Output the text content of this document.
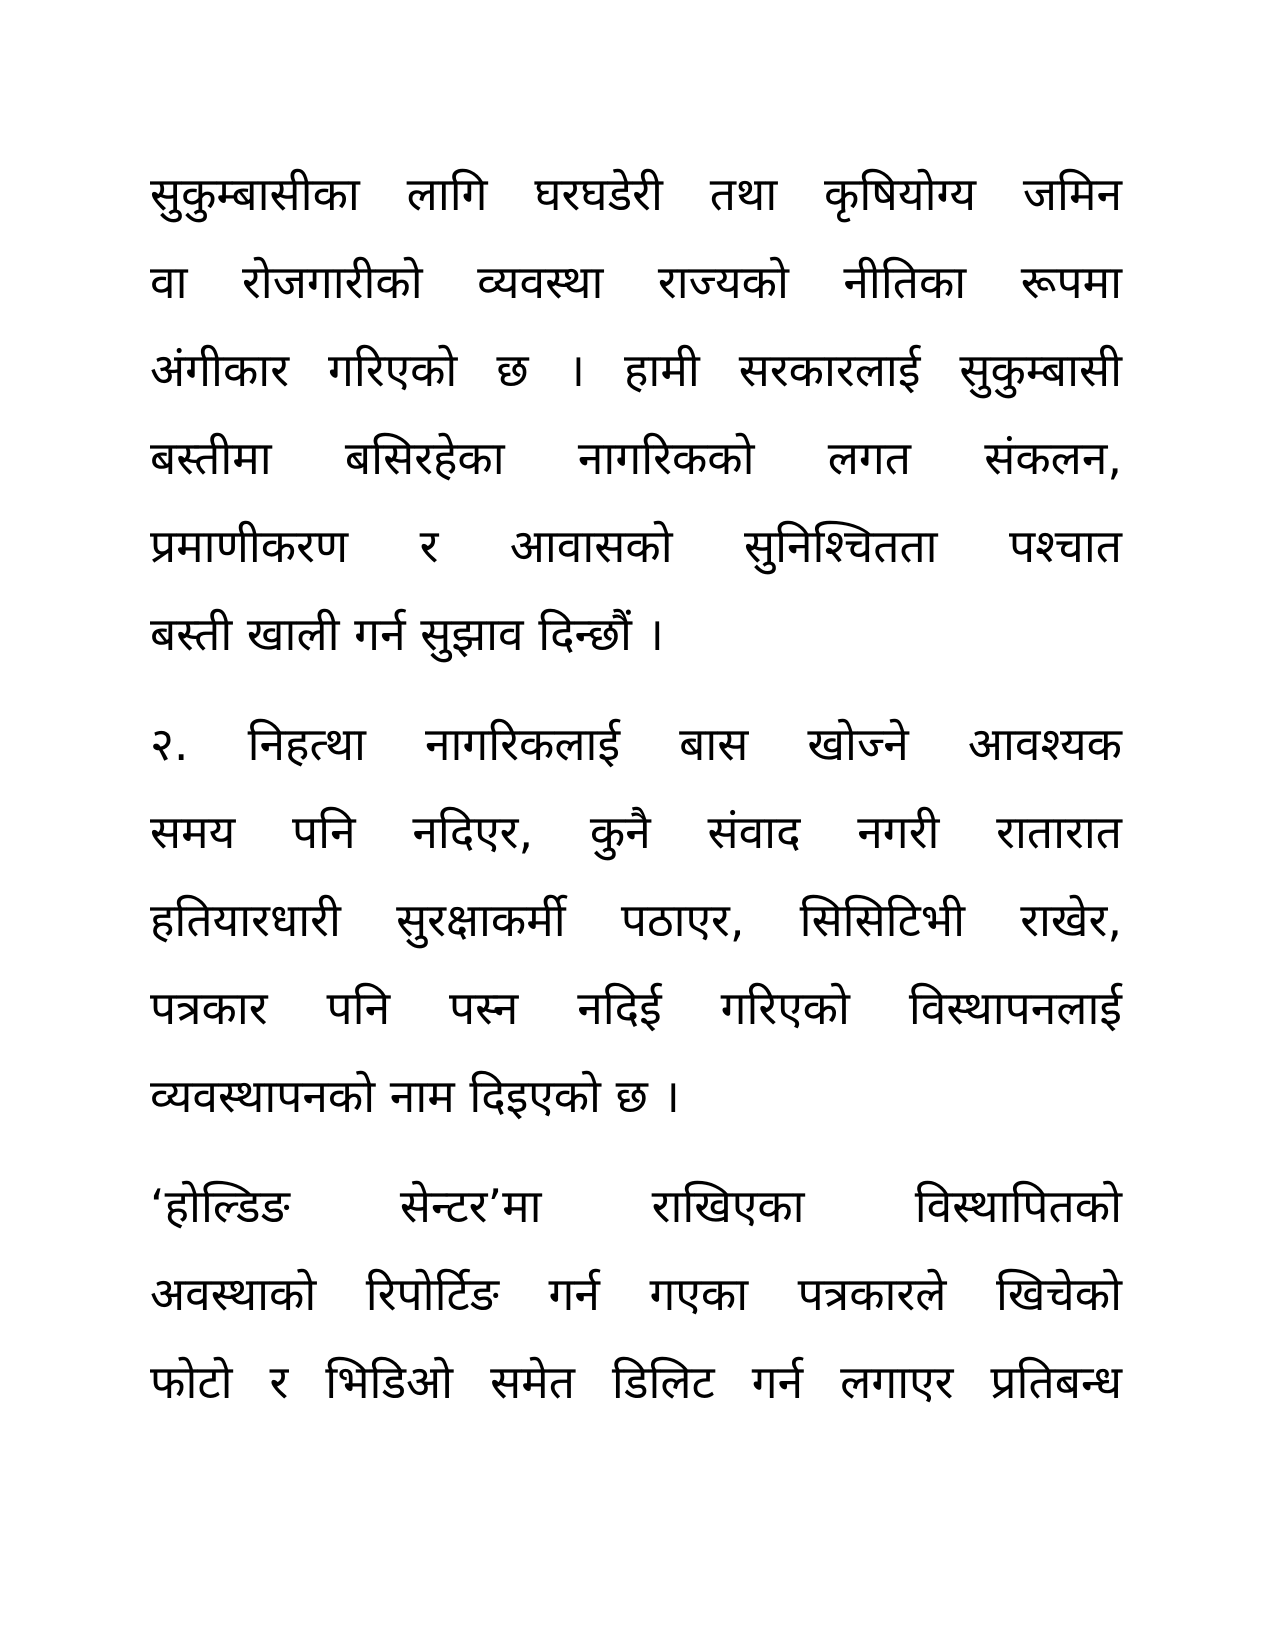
सुकुम्बासीका लागि घरघडेरी तथा कृषियोग्य जमिन
वा रोजगारीको व्यवस्था राज्यको नीतिका रूपमा
अंगीकार गरिएको छ । हामी सरकारलाई सुकुम्बासी
बस्तीमा बसिरहेका नागरिकको लगत संकलन,
प्रमाणीकरण र आवासको सुनिश्चितता पश्चात
बस्ती खाली गर्न सुझाव दिन्छौं ।
२. निहत्था नागरिकलाई बास खोज्ने आवश्यक
समय पनि नदिएर, कुनै संवाद नगरी रातारात
हतियारधारी सुरक्षाकर्मी पठाएर, सिसिटिभी राखेर,
पत्रकार पनि पस्न नदिई गरिएको विस्थापनलाई
व्यवस्थापनको नाम दिइएको छ ।
‘होल्डिङ सेन्टर’मा राखिएका विस्थापितको
अवस्थाको रिपोर्टिङ गर्न गएका पत्रकारले खिचेको
फोटो र भिडिओ समेत डिलिट गर्न लगाएर प्रतिबन्ध
